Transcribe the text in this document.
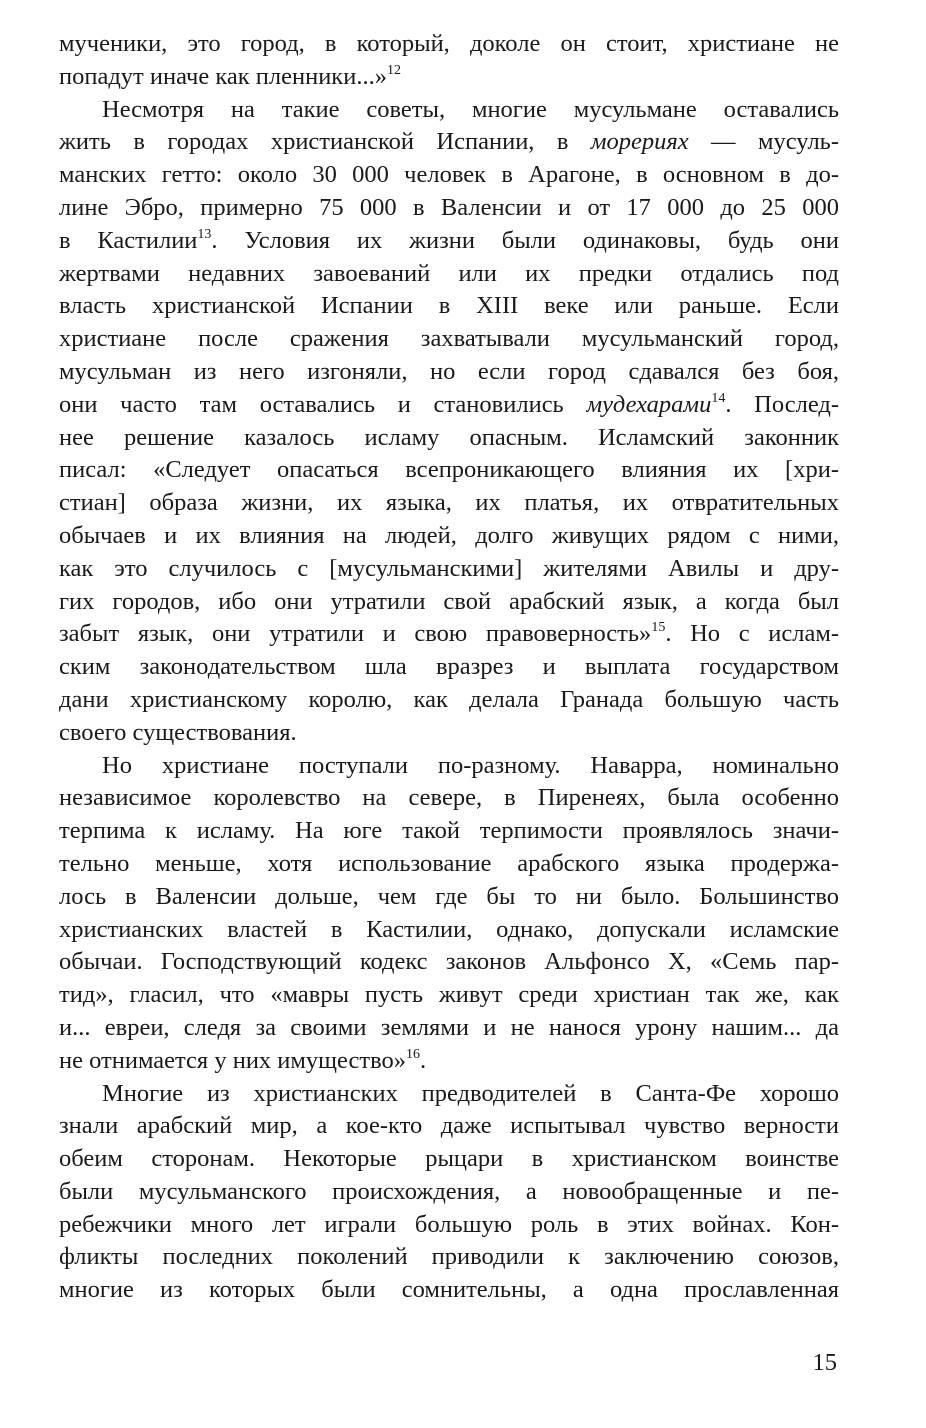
мученики, это город, в который, доколе он стоит, христиане не
попадут иначе как пленники...»$^{12}$
Несмотря на такие советы, многие мусульмане оставались
жить в городах христианской Испании, в морериях — мусуль-
манских гетто: около 30 000 человек в Арагоне, в основном в до-
лине Эбро, примерно 75 000 в Валенсии и от 17 000 до 25 000
в Кастилии$^{13}$. Условия их жизни были одинаковы, будь они
жертвами недавних завоеваний или их предки отдались под
власть христианской Испании в XIII веке или раньше. Если
христиане после сражения захватывали мусульманский город,
мусульман из него изгоняли, но если город сдавался без боя,
они часто там оставались и становились мудехарами$^{14}$. Послед-
нее решение казалось исламу опасным. Исламский законник
писал: «Следует опасаться всепроникающего влияния их [хри-
стиан] образа жизни, их языка, их платья, их отвратительных
обычаев и их влияния на людей, долго живущих рядом с ними,
как это случилось с [мусульманскими] жителями Авилы и дру-
гих городов, ибо они утратили свой арабский язык, а когда был
забыт язык, они утратили и свою правоверность»$^{15}$. Но с ислам-
ским законодательством шла вразрез и выплата государством
дани христианскому королю, как делала Гранада большую часть
своего существования.
Но христиане поступали по-разному. Наварра, номинально
независимое королевство на севере, в Пиренеях, была особенно
терпима к исламу. На юге такой терпимости проявлялось значи-
тельно меньше, хотя использование арабского языка продержа-
лось в Валенсии дольше, чем где бы то ни было. Большинство
христианских властей в Кастилии, однако, допускали исламские
обычаи. Господствующий кодекс законов Альфонсо X, «Семь пар-
тид», гласил, что «мавры пусть живут среди христиан так же, как
и... евреи, следя за своими землями и не нанося урону нашим... да
не отнимается у них имущество»$^{16}$.
Многие из христианских предводителей в Санта-Фе хорошо
знали арабский мир, а кое-кто даже испытывал чувство верности
обеим сторонам. Некоторые рыцари в христианском воинстве
были мусульманского происхождения, а новообращенные и пе-
ребежчики много лет играли большую роль в этих войнах. Кон-
фликты последних поколений приводили к заключению союзов,
многие из которых были сомнительны, а одна прославленная
15
